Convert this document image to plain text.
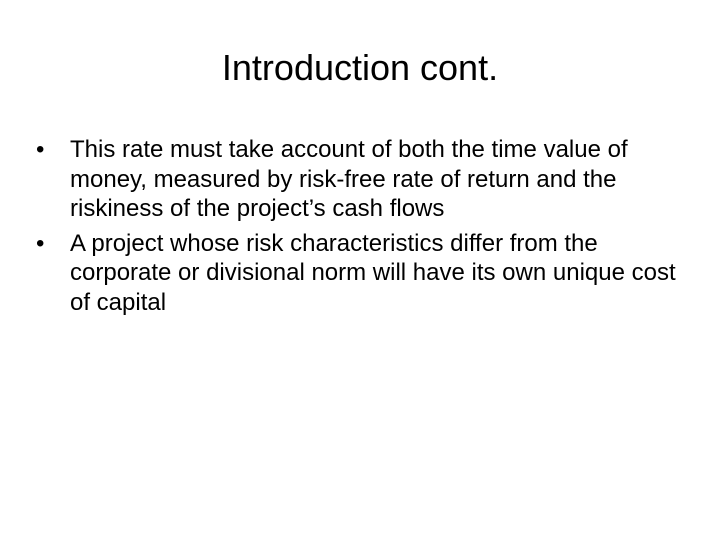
Introduction cont.
•	This rate must take account of both the time value of money, measured by risk-free rate of return and the riskiness of the project’s cash flows
•	A project whose risk characteristics differ from the corporate or divisional norm will have its own unique cost of capital
